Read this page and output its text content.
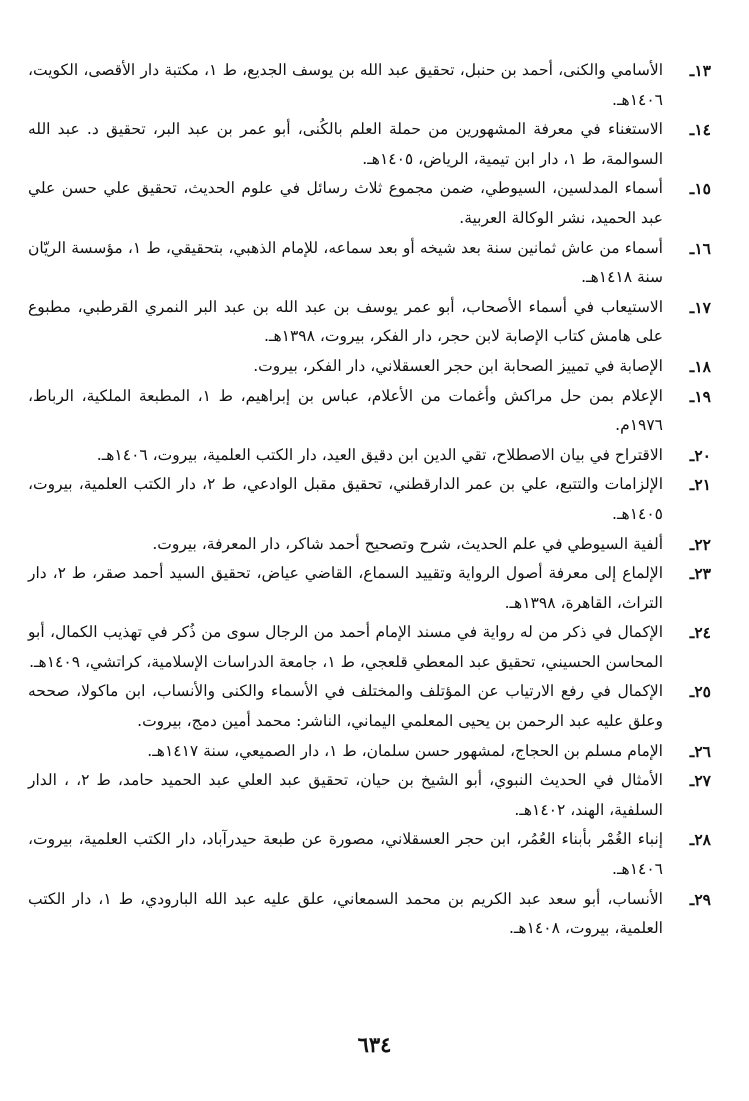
١٣ـ
الأسامي والكنى، أحمد بن حنبل، تحقيق عبد الله بن يوسف الجديع، ط ١، مكتبة دار الأقصى، الكويت، ١٤٠٦هـ.
١٤ـ
الاستغناء في معرفة المشهورين من حملة العلم بالكُنى، أبو عمر بن عبد البر، تحقيق د. عبد الله السوالمة، ط ١، دار ابن تيمية، الرياض، ١٤٠٥هـ.
١٥ـ
أسماء المدلسين، السيوطي، ضمن مجموع ثلاث رسائل في علوم الحديث، تحقيق علي حسن علي عبد الحميد، نشر الوكالة العربية.
١٦ـ
أسماء من عاش ثمانين سنة بعد شيخه أو بعد سماعه، للإمام الذهبي، بتحقيقي، ط ١، مؤسسة الريّان سنة ١٤١٨هـ.
١٧ـ
الاستيعاب في أسماء الأصحاب، أبو عمر يوسف بن عبد الله بن عبد البر النمري القرطبي، مطبوع على هامش كتاب الإصابة لابن حجر، دار الفكر، بيروت، ١٣٩٨هـ.
١٨ـ
الإصابة في تمييز الصحابة ابن حجر العسقلاني، دار الفكر، بيروت.
١٩ـ
الإعلام بمن حل مراكش وأغمات من الأعلام، عباس بن إبراهيم، ط ١، المطبعة الملكية، الرباط، ١٩٧٦م.
٢٠ـ
الاقتراح في بيان الاصطلاح، تقي الدين ابن دقيق العيد، دار الكتب العلمية، بيروت، ١٤٠٦هـ.
٢١ـ
الإلزامات والتتبع، علي بن عمر الدارقطني، تحقيق مقبل الوادعي، ط ٢، دار الكتب العلمية، بيروت، ١٤٠٥هـ.
٢٢ـ
ألفية السيوطي في علم الحديث، شرح وتصحيح أحمد شاكر، دار المعرفة، بيروت.
٢٣ـ
الإلماع إلى معرفة أصول الرواية وتقييد السماع، القاضي عياض، تحقيق السيد أحمد صقر، ط ٢، دار التراث، القاهرة، ١٣٩٨هـ.
٢٤ـ
الإكمال في ذكر من له رواية في مسند الإمام أحمد من الرجال سوى من ذُكر في تهذيب الكمال، أبو المحاسن الحسيني، تحقيق عبد المعطي قلعجي، ط ١، جامعة الدراسات الإسلامية، كراتشي، ١٤٠٩هـ.
٢٥ـ
الإكمال في رفع الارتياب عن المؤتلف والمختلف في الأسماء والكنى والأنساب، ابن ماكولا، صححه وعلق عليه عبد الرحمن بن يحيى المعلمي اليماني، الناشر: محمد أمين دمج، بيروت.
٢٦ـ
الإمام مسلم بن الحجاج، لمشهور حسن سلمان، ط ١، دار الصميعي، سنة ١٤١٧هـ.
٢٧ـ
الأمثال في الحديث النبوي، أبو الشيخ بن حيان، تحقيق عبد العلي عبد الحميد حامد، ط ٢، ، الدار السلفية، الهند، ١٤٠٢هـ.
٢٨ـ
إنباء الغُمْر بأبناء العُمُر، ابن حجر العسقلاني، مصورة عن طبعة حيدرآباد، دار الكتب العلمية، بيروت، ١٤٠٦هـ.
٢٩ـ
الأنساب، أبو سعد عبد الكريم بن محمد السمعاني، علق عليه عبد الله البارودي، ط ١، دار الكتب العلمية، بيروت، ١٤٠٨هـ.
٦٣٤
